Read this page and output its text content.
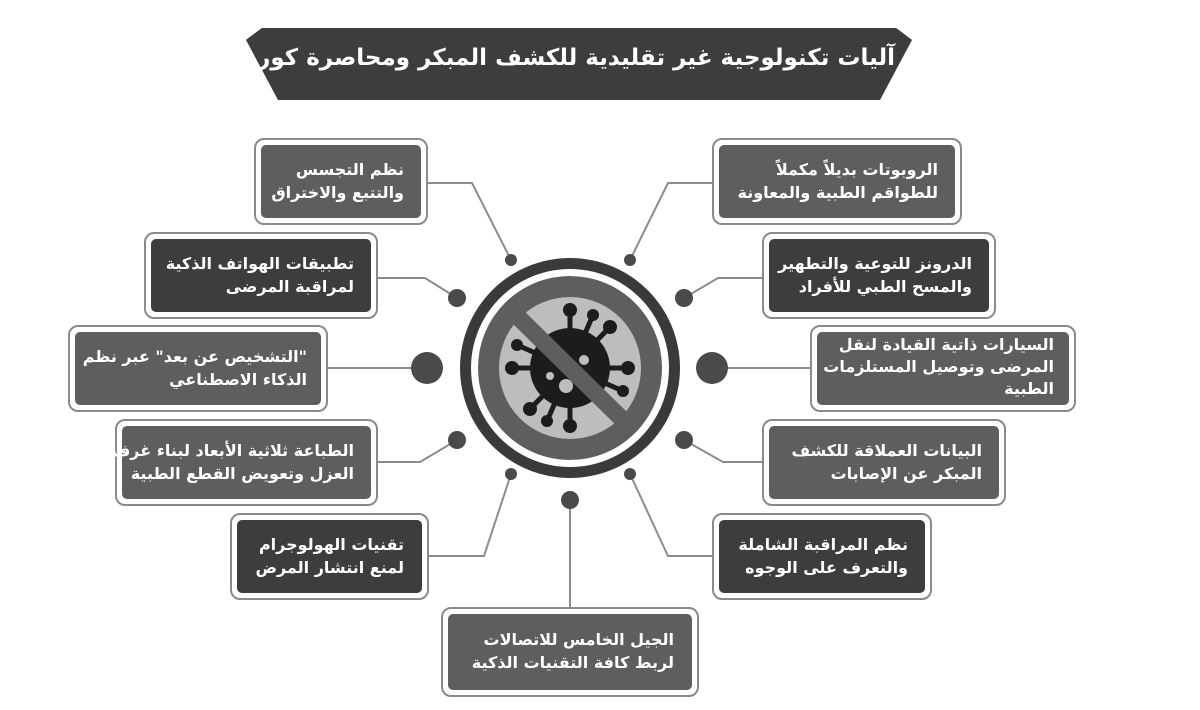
آليات تكنولوجية غير تقليدية للكشف المبكر ومحاصرة كورونا
الروبوتات بديلاً مكملاً
للطواقم الطبية والمعاونة
الدرونز للتوعية والتطهير
والمسح الطبي للأفراد
السيارات ذاتية القيادة لنقل
المرضى وتوصيل المستلزمات
الطبية
البيانات العملاقة للكشف
المبكر عن الإصابات
نظم المراقبة الشاملة
والتعرف على الوجوه
الجيل الخامس للاتصالات
لربط كافة التقنيات الذكية
تقنيات الهولوجرام
لمنع انتشار المرض
الطباعة ثلاثية الأبعاد لبناء غرف
العزل وتعويض القطع الطبية
"التشخيص عن بعد" عبر نظم
الذكاء الاصطناعي
تطبيقات الهواتف الذكية
لمراقبة المرضى
نظم التجسس
والتتبع والاختراق
